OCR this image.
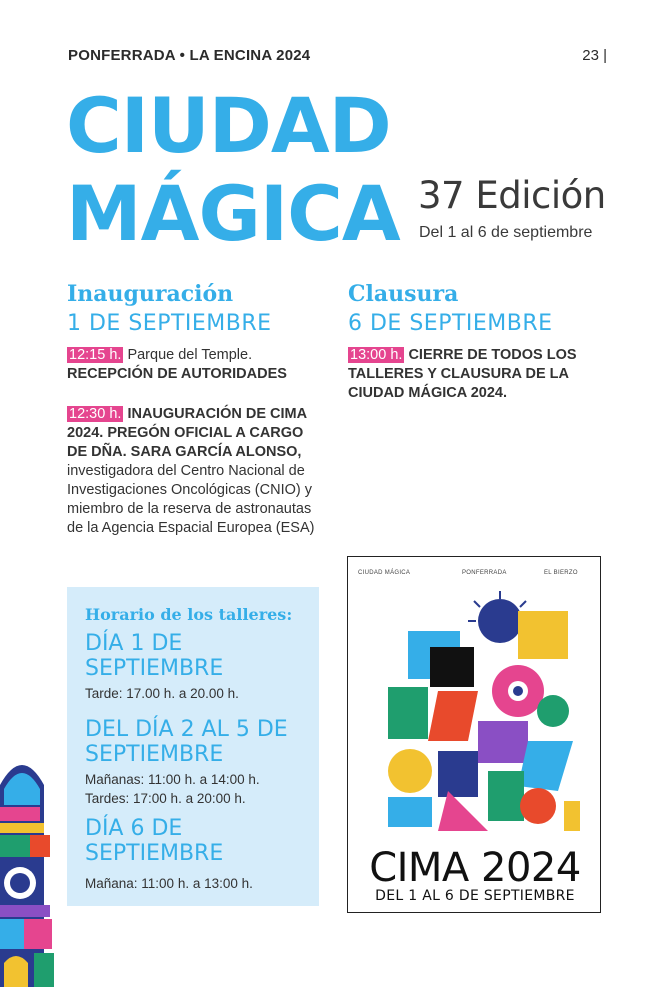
PONFERRADA • LA ENCINA 2024	23 |
CIUDAD
MÁGICA 37 Edición
Del 1 al 6 de septiembre
Inauguración
1 DE SEPTIEMBRE
12:15 h. Parque del Temple.
RECEPCIÓN DE AUTORIDADES
12:30 h. INAUGURACIÓN DE CIMA 2024. PREGÓN OFICIAL A CARGO DE DÑA. SARA GARCÍA ALONSO, investigadora del Centro Nacional de Investigaciones Oncológicas (CNIO) y miembro de la reserva de astronautas de la Agencia Espacial Europea (ESA)
Clausura
6 DE SEPTIEMBRE
13:00 h. CIERRE DE TODOS LOS TALLERES Y CLAUSURA DE LA CIUDAD MÁGICA 2024.
Horario de los talleres:
DÍA 1 DE SEPTIEMBRE
Tarde: 17.00 h. a 20.00 h.
DEL DÍA 2 AL 5 DE SEPTIEMBRE
Mañanas: 11:00 h. a 14:00 h.
Tardes: 17:00 h. a 20:00 h.
DÍA 6 DE SEPTIEMBRE
Mañana: 11:00 h. a 13:00 h.
CIUDAD MÁGICA	PONFERRADA	EL BIERZO
CIMA 2024
DEL 1 AL 6 DE SEPTIEMBRE
